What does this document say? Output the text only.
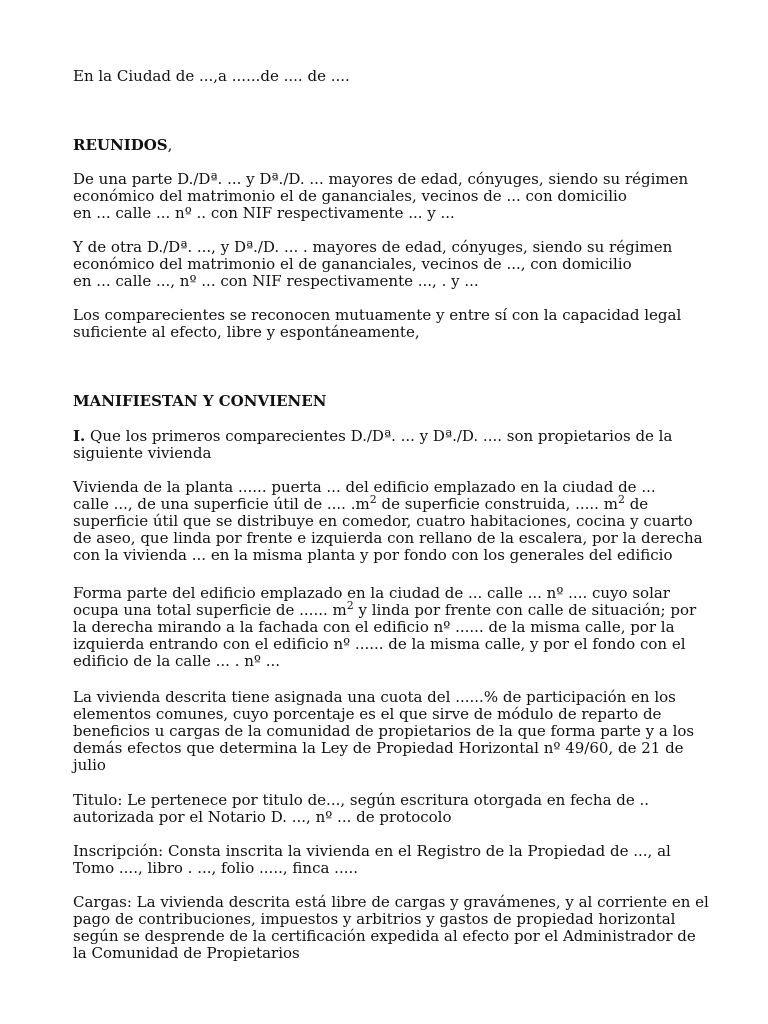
En la Ciudad de ...,a ......de .... de ....

REUNIDOS,

De una parte D./Dª. ... y Dª./D. ... mayores de edad, cónyuges, siendo su régimen
económico del matrimonio el de gananciales, vecinos de ... con domicilio
en ... calle ... nº .. con NIF respectivamente ... y ...

Y de otra D./Dª. ..., y Dª./D. ... . mayores de edad, cónyuges, siendo su régimen
económico del matrimonio el de gananciales, vecinos de ..., con domicilio
en ... calle ..., nº ... con NIF respectivamente ..., . y ...

Los comparecientes se reconocen mutuamente y entre sí con la capacidad legal
suficiente al efecto, libre y espontáneamente,

MANIFIESTAN Y CONVIENEN

I. Que los primeros comparecientes D./Dª. ... y Dª./D. .... son propietarios de la
siguiente vivienda

Vivienda de la planta ...... puerta ... del edificio emplazado en la ciudad de ...
calle ..., de una superficie útil de .... $.m^2$ de superficie construida, ..... $m^2$ de
superficie útil que se distribuye en comedor, cuatro habitaciones, cocina y cuarto
de aseo, que linda por frente e izquierda con rellano de la escalera, por la derecha
con la vivienda ... en la misma planta y por fondo con los generales del edificio

Forma parte del edificio emplazado en la ciudad de ... calle ... nº .... cuyo solar
ocupa una total superficie de ...... $m^2$ y linda por frente con calle de situación; por
la derecha mirando a la fachada con el edificio nº ...... de la misma calle, por la
izquierda entrando con el edificio nº ...... de la misma calle, y por el fondo con el
edificio de la calle ... . nº ...

La vivienda descrita tiene asignada una cuota del ......% de participación en los
elementos comunes, cuyo porcentaje es el que sirve de módulo de reparto de
beneficios u cargas de la comunidad de propietarios de la que forma parte y a los
demás efectos que determina la Ley de Propiedad Horizontal nº 49/60, de 21 de
julio

Titulo: Le pertenece por titulo de..., según escritura otorgada en fecha de ..
autorizada por el Notario D. ..., nº ... de protocolo

Inscripción: Consta inscrita la vivienda en el Registro de la Propiedad de ..., al
Tomo ...., libro . ..., folio ....., finca .....

Cargas: La vivienda descrita está libre de cargas y gravámenes, y al corriente en el
pago de contribuciones, impuestos y arbitrios y gastos de propiedad horizontal
según se desprende de la certificación expedida al efecto por el Administrador de
la Comunidad de Propietarios
